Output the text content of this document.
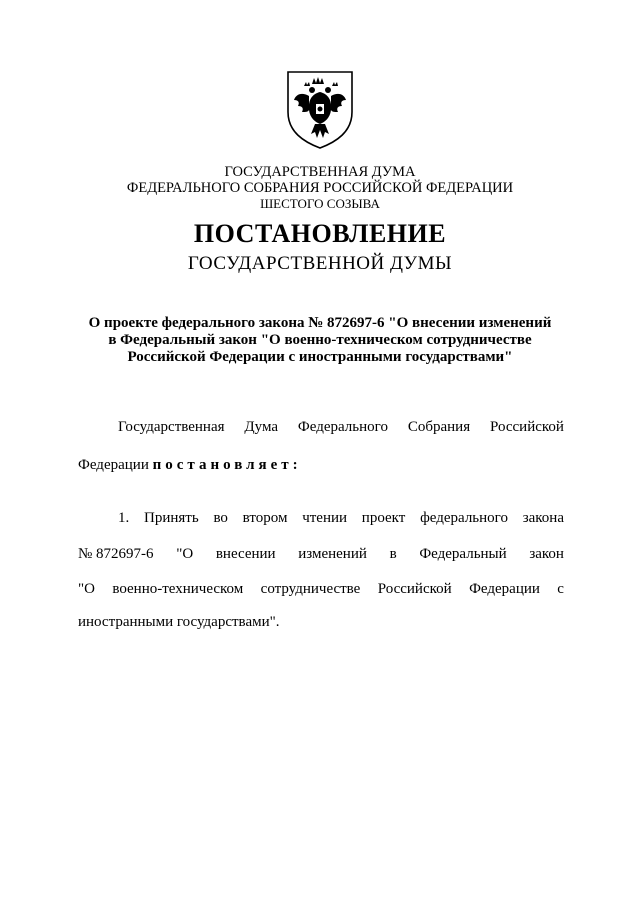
ГОСУДАРСТВЕННАЯ ДУМА
ФЕДЕРАЛЬНОГО СОБРАНИЯ РОССИЙСКОЙ ФЕДЕРАЦИИ
ШЕСТОГО СОЗЫВА
ПОСТАНОВЛЕНИЕ
ГОСУДАРСТВЕННОЙ ДУМЫ
О проекте федерального закона № 872697-6 "О внесении изменений
в Федеральный закон "О военно-техническом сотрудничестве
Российской Федерации с иностранными государствами"
Государственная Дума Федерального Собрания Российской
Федерации постановляет:
1. Принять во втором чтении проект федерального закона
№ 872697-6 "О внесении изменений в Федеральный закон
"О военно-техническом сотрудничестве Российской Федерации с
иностранными государствами".
